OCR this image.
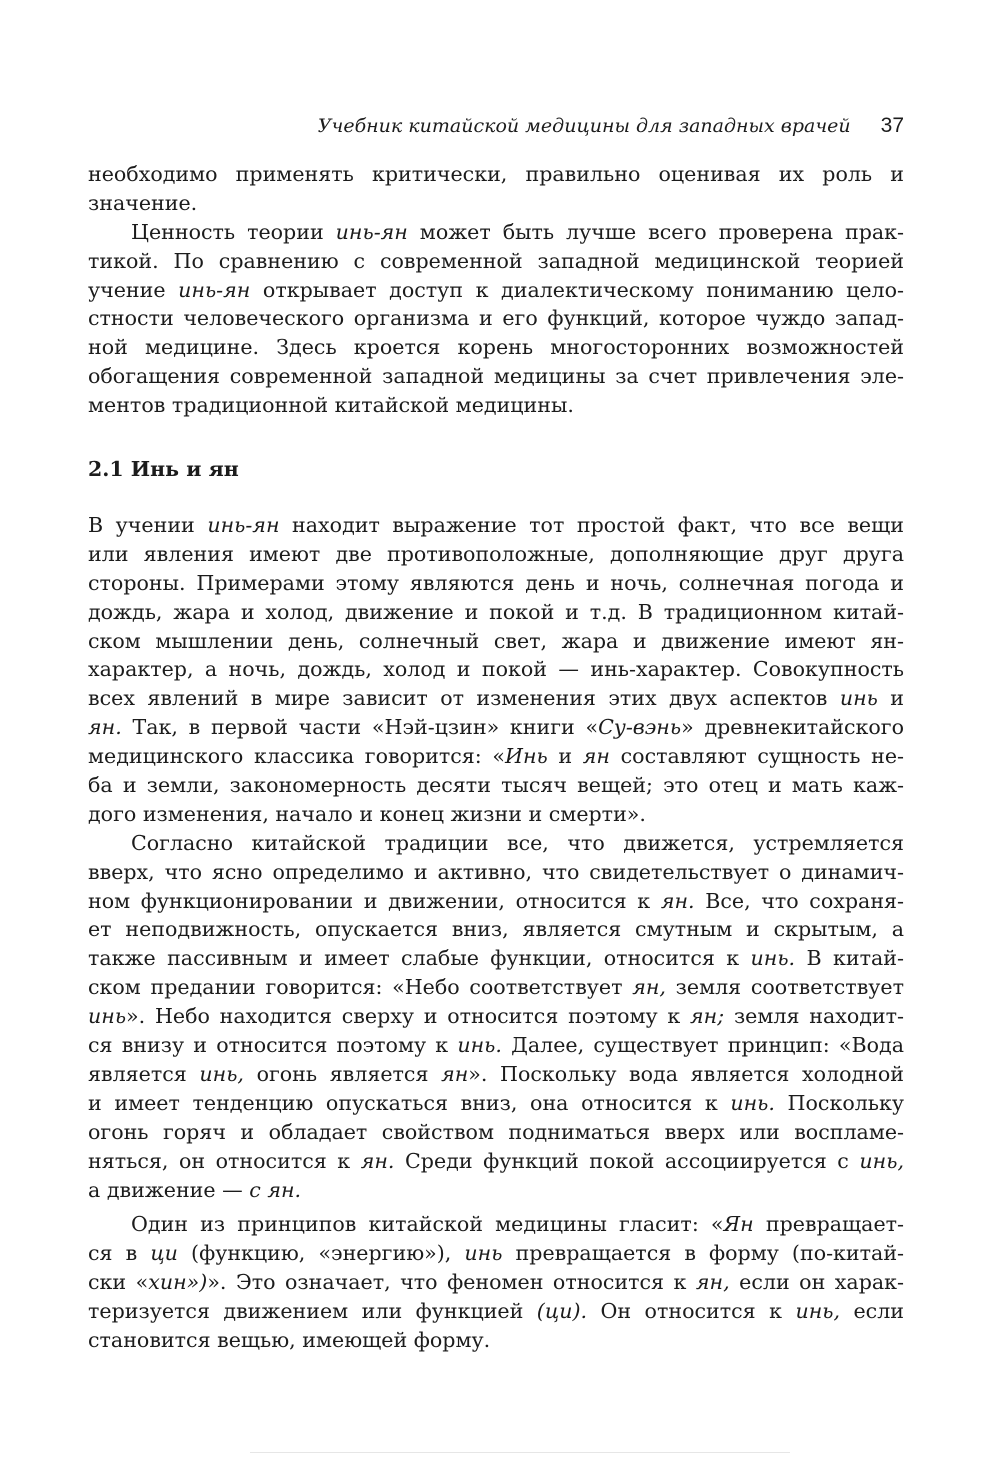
Учебник китайской медицины для западных врачей 37

необходимо применять критически, правильно оценивая их роль и
значение.

Ценность теории инь-ян может быть лучше всего проверена прак-
тикой. По сравнению с современной западной медицинской теорией
учение инь-ян открывает доступ к диалектическому пониманию цело-
стности человеческого организма и его функций, которое чуждо запад-
ной медицине. Здесь кроется корень многосторонних возможностей
обогащения современной западной медицины за счет привлечения эле-
ментов традиционной китайской медицины.

2.1 Инь и ян

В учении инь-ян находит выражение тот простой факт, что все вещи
или явления имеют две противоположные, дополняющие друг друга
стороны. Примерами этому являются день и ночь, солнечная погода и
дождь, жара и холод, движение и покой и т.д. В традиционном китай-
ском мышлении день, солнечный свет, жара и движение имеют ян-
характер, а ночь, дождь, холод и покой — инь-характер. Совокупность
всех явлений в мире зависит от изменения этих двух аспектов инь и
ян. Так, в первой части «Нэй-цзин» книги «Су-вэнь» древнекитайского
медицинского классика говорится: «Инь и ян составляют сущность не-
ба и земли, закономерность десяти тысяч вещей; это отец и мать каж-
дого изменения, начало и конец жизни и смерти».

Согласно китайской традиции все, что движется, устремляется
вверх, что ясно определимо и активно, что свидетельствует о динамич-
ном функционировании и движении, относится к ян. Все, что сохраня-
ет неподвижность, опускается вниз, является смутным и скрытым, а
также пассивным и имеет слабые функции, относится к инь. В китай-
ском предании говорится: «Небо соответствует ян, земля соответствует
инь». Небо находится сверху и относится поэтому к ян; земля находит-
ся внизу и относится поэтому к инь. Далее, существует принцип: «Вода
является инь, огонь является ян». Поскольку вода является холодной
и имеет тенденцию опускаться вниз, она относится к инь. Поскольку
огонь горяч и обладает свойством подниматься вверх или воспламе-
няться, он относится к ян. Среди функций покой ассоциируется с инь,
а движение — с ян.

Один из принципов китайской медицины гласит: «Ян превращает-
ся в ци (функцию, «энергию»), инь превращается в форму (по-китай-
ски «хин»)». Это означает, что феномен относится к ян, если он харак-
теризуется движением или функцией (ци). Он относится к инь, если
становится вещью, имеющей форму.
